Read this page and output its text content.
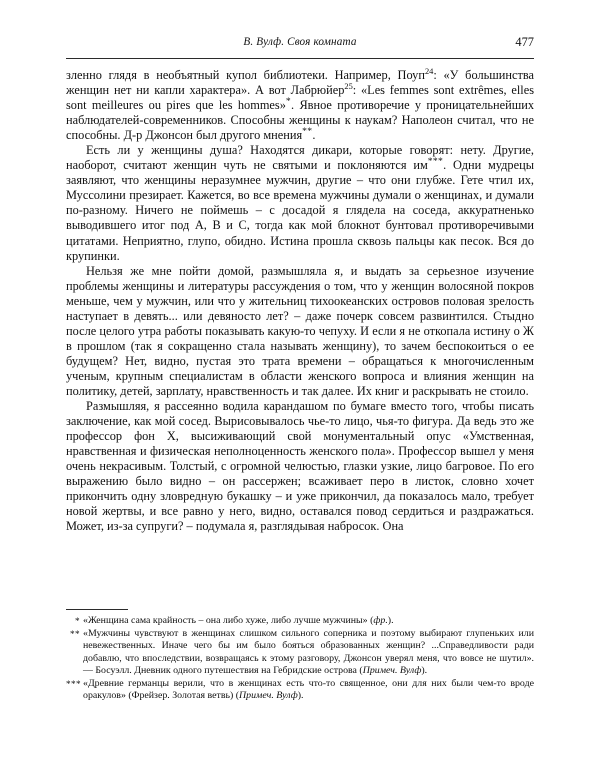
В. Вулф. Своя комната	477

зленно глядя в необъятный купол библиотеки. Например, Поуп$^{24}$: «У большинства женщин нет ни капли характера». А вот Лабрюйер$^{25}$: «Les femmes sont extrêmes, elles sont meilleures ou pires que les hommes»*. Явное противоречие у проницательнейших наблюдателей-современников. Способны женщины к наукам? Наполеон считал, что не способны. Д-р Джонсон был другого мнения**.

Есть ли у женщины душа? Находятся дикари, которые говорят: нету. Другие, наоборот, считают женщин чуть не святыми и поклоняются им***. Одни мудрецы заявляют, что женщины неразумнее мужчин, другие – что они глубже. Гете чтил их, Муссолини презирает. Кажется, во все времена мужчины думали о женщинах, и думали по-разному. Ничего не поймешь – с досадой я глядела на соседа, аккуратненько выводившего итог под A, B и C, тогда как мой блокнот бунтовал противоречивыми цитатами. Неприятно, глупо, обидно. Истина прошла сквозь пальцы как песок. Вся до крупинки.

Нельзя же мне пойти домой, размышляла я, и выдать за серьезное изучение проблемы женщины и литературы рассуждения о том, что у женщин волосяной покров меньше, чем у мужчин, или что у жительниц тихоокеанских островов половая зрелость наступает в девять... или девяносто лет? – даже почерк совсем развинтился. Стыдно после целого утра работы показывать какую-то чепуху. И если я не откопала истину о Ж в прошлом (так я сокращенно стала называть женщину), то зачем беспокоиться о ее будущем? Нет, видно, пустая это трата времени – обращаться к многочисленным ученым, крупным специалистам в области женского вопроса и влияния женщин на политику, детей, зарплату, нравственность и так далее. Их книг и раскрывать не стоило.

Размышляя, я рассеянно водила карандашом по бумаге вместо того, чтобы писать заключение, как мой сосед. Вырисовывалось чье-то лицо, чья-то фигура. Да ведь это же профессор фон Х, высиживающий свой монументальный опус «Умственная, нравственная и физическая неполноценность женского пола». Профессор вышел у меня очень некрасивым. Толстый, с огромной челюстью, глазки узкие, лицо багровое. По его выражению было видно – он рассержен; всаживает перо в листок, словно хочет прикончить одну зловредную букашку – и уже прикончил, да показалось мало, требует новой жертвы, и все равно у него, видно, оставался повод сердиться и раздражаться. Может, из-за супруги? – подумала я, разглядывая набросок. Она

* «Женщина сама крайность – она либо хуже, либо лучше мужчины» (фр.).
** «Мужчины чувствуют в женщинах слишком сильного соперника и поэтому выбирают глупеньких или невежественных. Иначе чего бы им было бояться образованных женщин? ...Справедливости ради добавлю, что впоследствии, возвращаясь к этому разговору, Джонсон уверял меня, что вовсе не шутил». — Босуэлл. Дневник одного путешествия на Гебридские острова (Примеч. Вулф).
*** «Древние германцы верили, что в женщинах есть что-то священное, они для них были чем-то вроде оракулов» (Фрейзер. Золотая ветвь) (Примеч. Вулф).
